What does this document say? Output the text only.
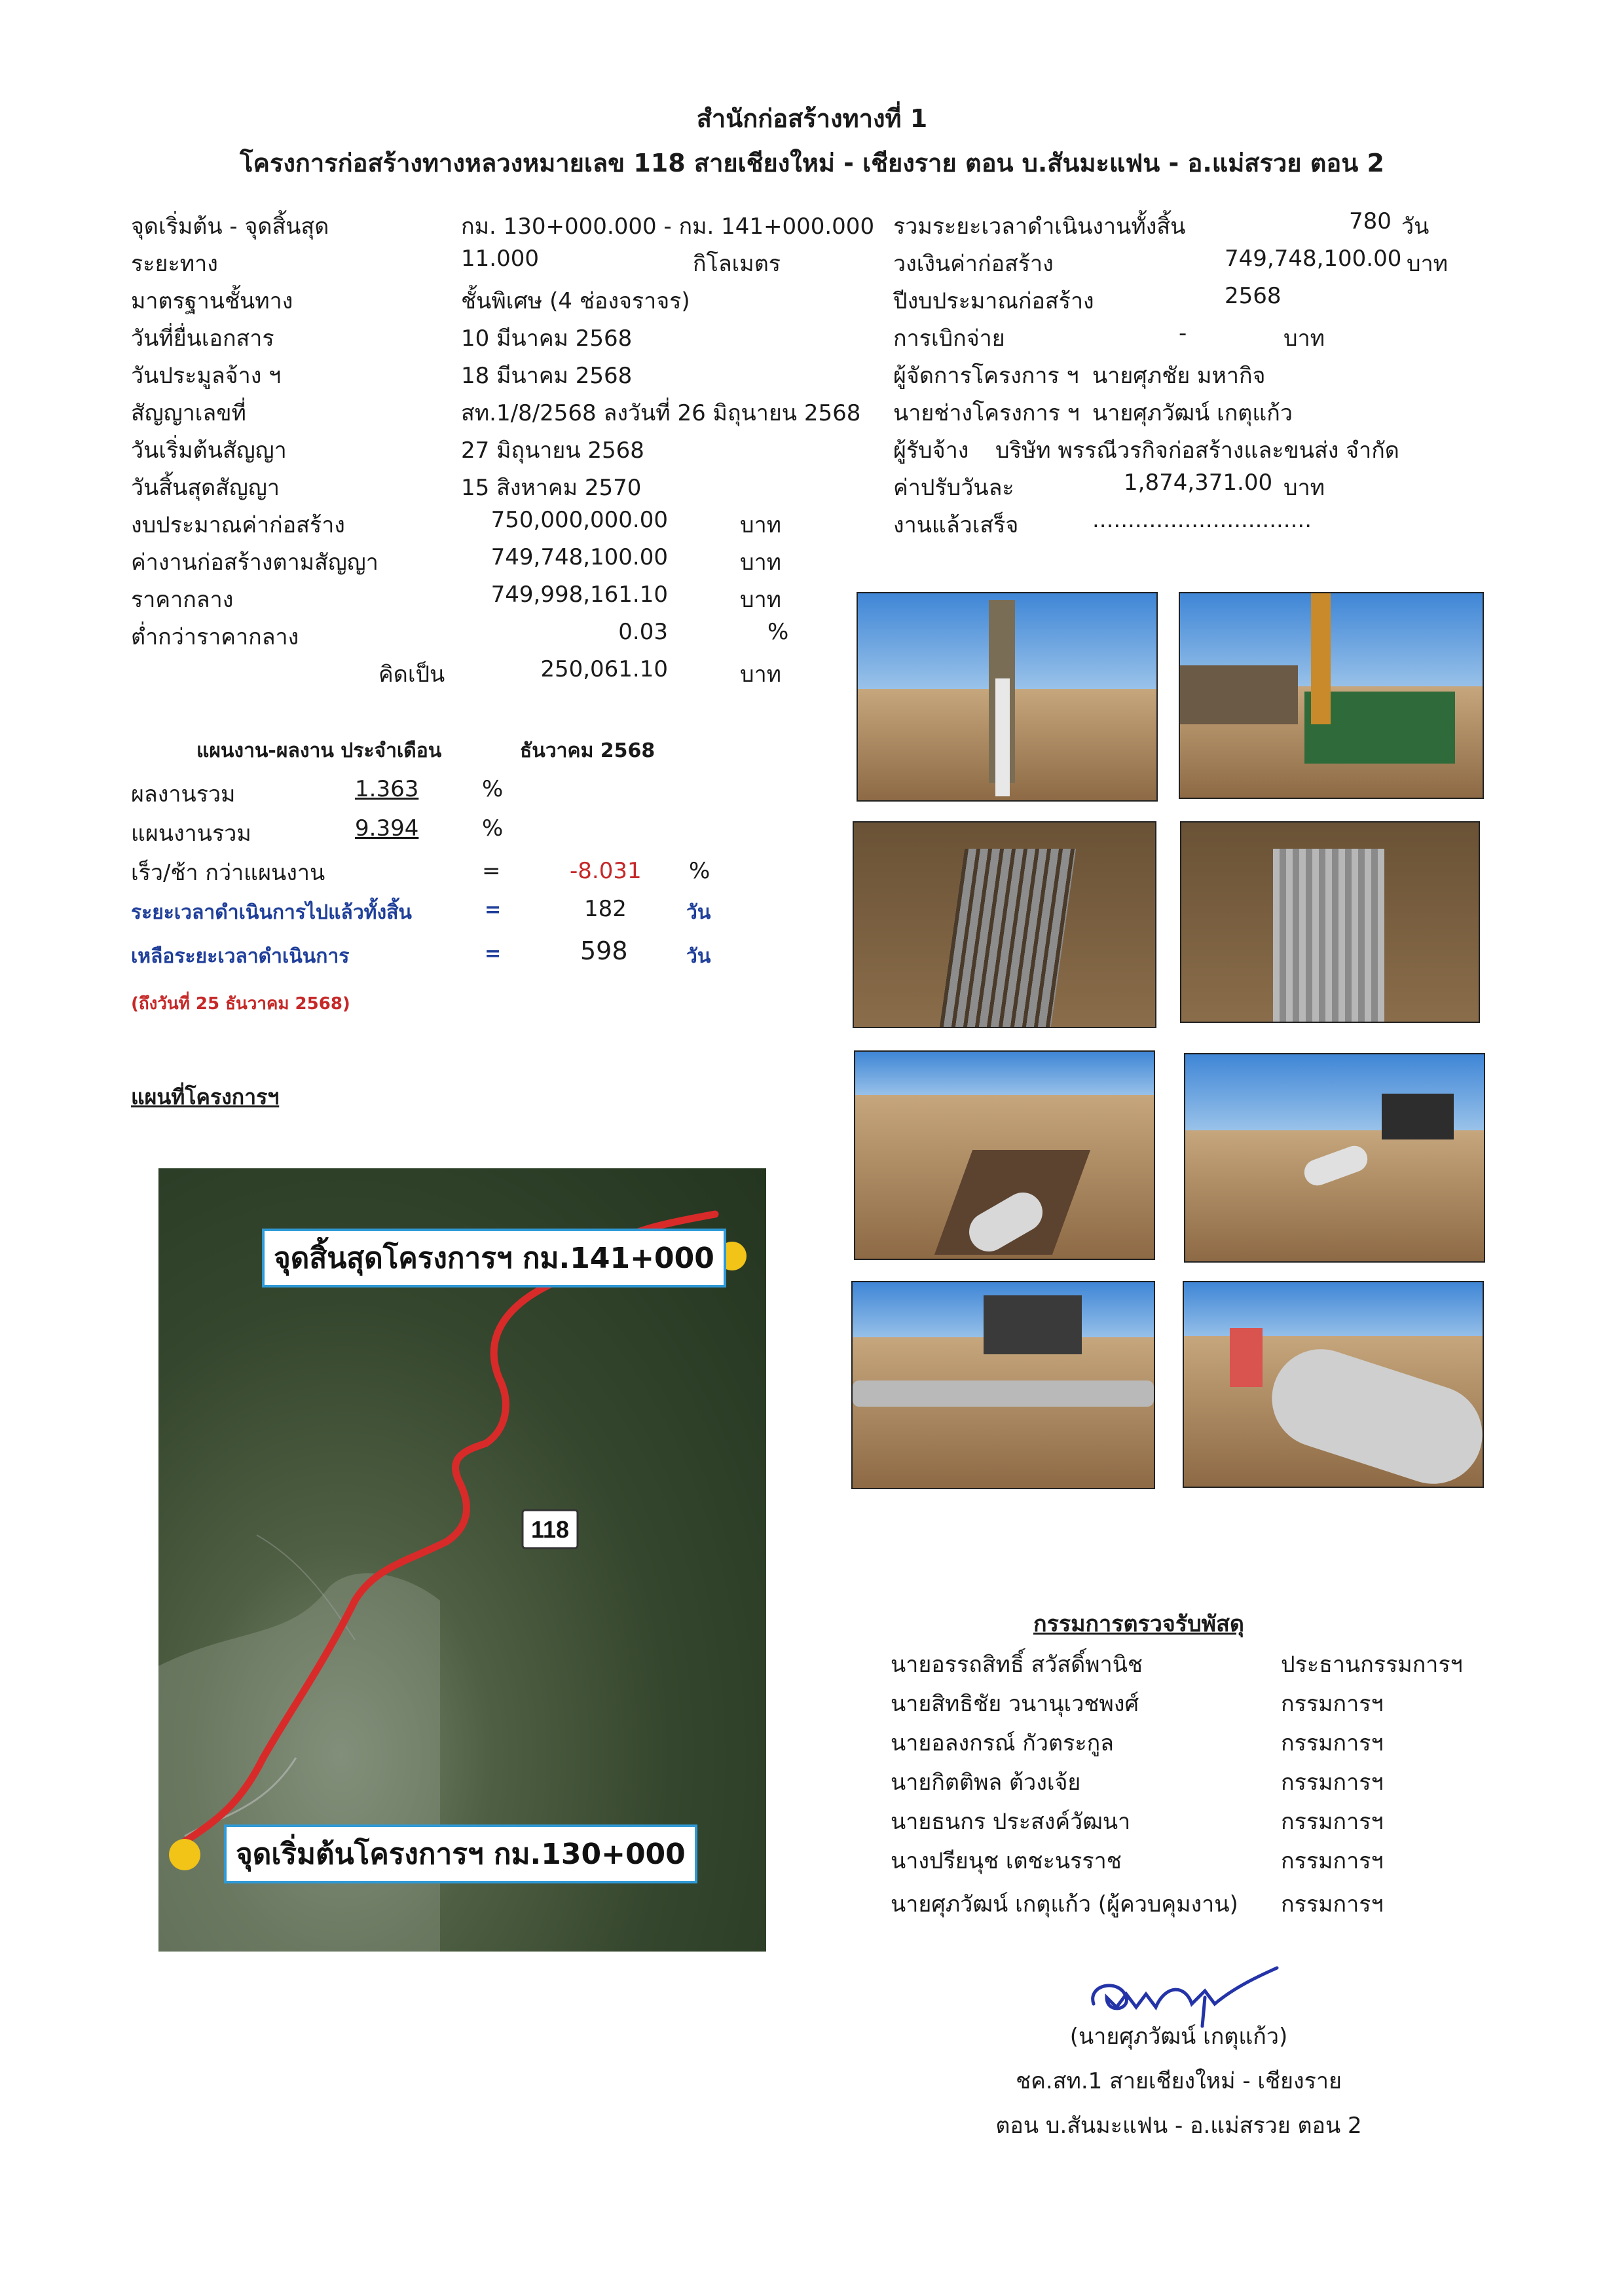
สำนักก่อสร้างทางที่ 1
โครงการก่อสร้างทางหลวงหมายเลข 118 สายเชียงใหม่ - เชียงราย ตอน บ.สันมะแฟน - อ.แม่สรวย ตอน 2
จุดเริ่มต้น - จุดสิ้นสุด	กม. 130+000.000 - กม. 141+000.000
ระยะทาง	11.000	กิโลเมตร
มาตรฐานชั้นทาง	ชั้นพิเศษ (4 ช่องจราจร)
วันที่ยื่นเอกสาร	10 มีนาคม 2568
วันประมูลจ้าง ฯ	18 มีนาคม 2568
สัญญาเลขที่	สท.1/8/2568 ลงวันที่ 26 มิถุนายน 2568
วันเริ่มต้นสัญญา	27 มิถุนายน 2568
วันสิ้นสุดสัญญา	15 สิงหาคม 2570
งบประมาณค่าก่อสร้าง	750,000,000.00	บาท
ค่างานก่อสร้างตามสัญญา	749,748,100.00	บาท
ราคากลาง	749,998,161.10	บาท
ต่ำกว่าราคากลาง	0.03	%
คิดเป็น	250,061.10	บาท
รวมระยะเวลาดำเนินงานทั้งสิ้น	780 วัน
วงเงินค่าก่อสร้าง	749,748,100.00 บาท
ปีงบประมาณก่อสร้าง	2568
การเบิกจ่าย	-	บาท
ผู้จัดการโครงการ ฯ นายศุภชัย มหากิจ
นายช่างโครงการ ฯ นายศุภวัฒน์ เกตุแก้ว
ผู้รับจ้าง บริษัท พรรณีวรกิจก่อสร้างและขนส่ง จำกัด
ค่าปรับวันละ	1,874,371.00 บาท
งานแล้วเสร็จ	...............................
แผนงาน-ผลงาน ประจำเดือน	ธันวาคม 2568
ผลงานรวม	1.363	%
แผนงานรวม	9.394	%
เร็ว/ช้า กว่าแผนงาน	=	-8.031 %
ระยะเวลาดำเนินการไปแล้วทั้งสิ้น	=	182	วัน
เหลือระยะเวลาดำเนินการ	=	598	วัน
(ถึงวันที่ 25 ธันวาคม 2568)
แผนที่โครงการฯ
118
จุดสิ้นสุดโครงการฯ กม.141+000
จุดเริ่มต้นโครงการฯ กม.130+000
กรรมการตรวจรับพัสดุ
นายอรรถสิทธิ์ สวัสดิ์พานิช	ประธานกรรมการฯ
นายสิทธิชัย วนานุเวชพงศ์	กรรมการฯ
นายอลงกรณ์ กัวตระกูล	กรรมการฯ
นายกิตติพล ต้วงเจ้ย	กรรมการฯ
นายธนกร ประสงค์วัฒนา	กรรมการฯ
นางปรียนุช เตชะนรราช	กรรมการฯ
นายศุภวัฒน์ เกตุแก้ว (ผู้ควบคุมงาน) กรรมการฯ
(นายศุภวัฒน์ เกตุแก้ว)
ชค.สท.1 สายเชียงใหม่ - เชียงราย
ตอน บ.สันมะแฟน - อ.แม่สรวย ตอน 2
